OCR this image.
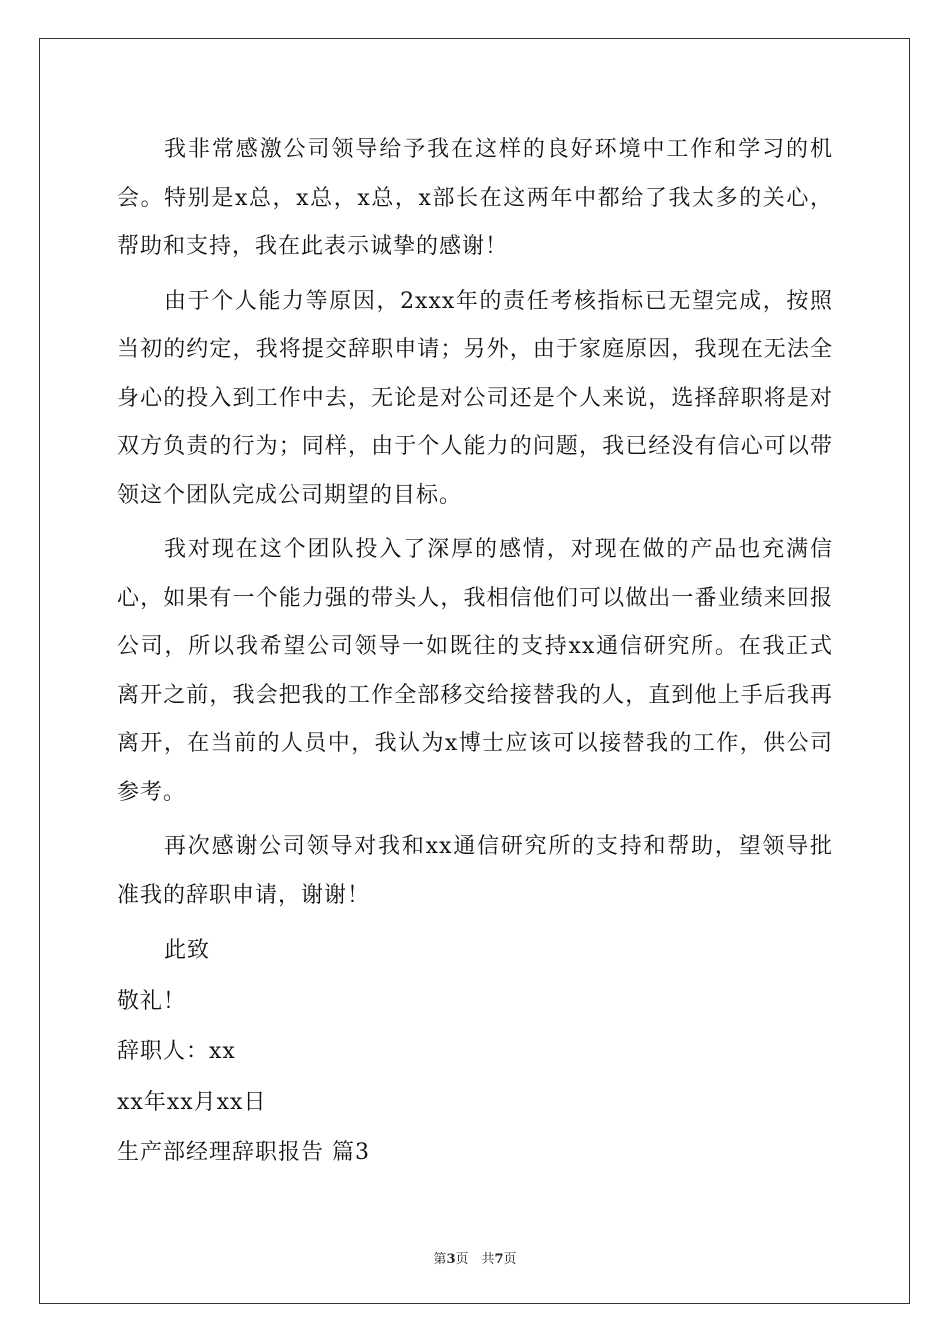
我非常感激公司领导给予我在这样的良好环境中工作和学习的机会。特别是x总，x总，x总，x部长在这两年中都给了我太多的关心，帮助和支持，我在此表示诚挚的感谢！

由于个人能力等原因，2xxx年的责任考核指标已无望完成，按照当初的约定，我将提交辞职申请；另外，由于家庭原因，我现在无法全身心的投入到工作中去，无论是对公司还是个人来说，选择辞职将是对双方负责的行为；同样，由于个人能力的问题，我已经没有信心可以带领这个团队完成公司期望的目标。

我对现在这个团队投入了深厚的感情，对现在做的产品也充满信心，如果有一个能力强的带头人，我相信他们可以做出一番业绩来回报公司，所以我希望公司领导一如既往的支持xx通信研究所。在我正式离开之前，我会把我的工作全部移交给接替我的人，直到他上手后我再离开，在当前的人员中，我认为x博士应该可以接替我的工作，供公司参考。

再次感谢公司领导对我和xx通信研究所的支持和帮助，望领导批准我的辞职申请，谢谢！

此致

敬礼！

辞职人：xx

xx年xx月xx日

生产部经理辞职报告 篇3

第3页　共7页
